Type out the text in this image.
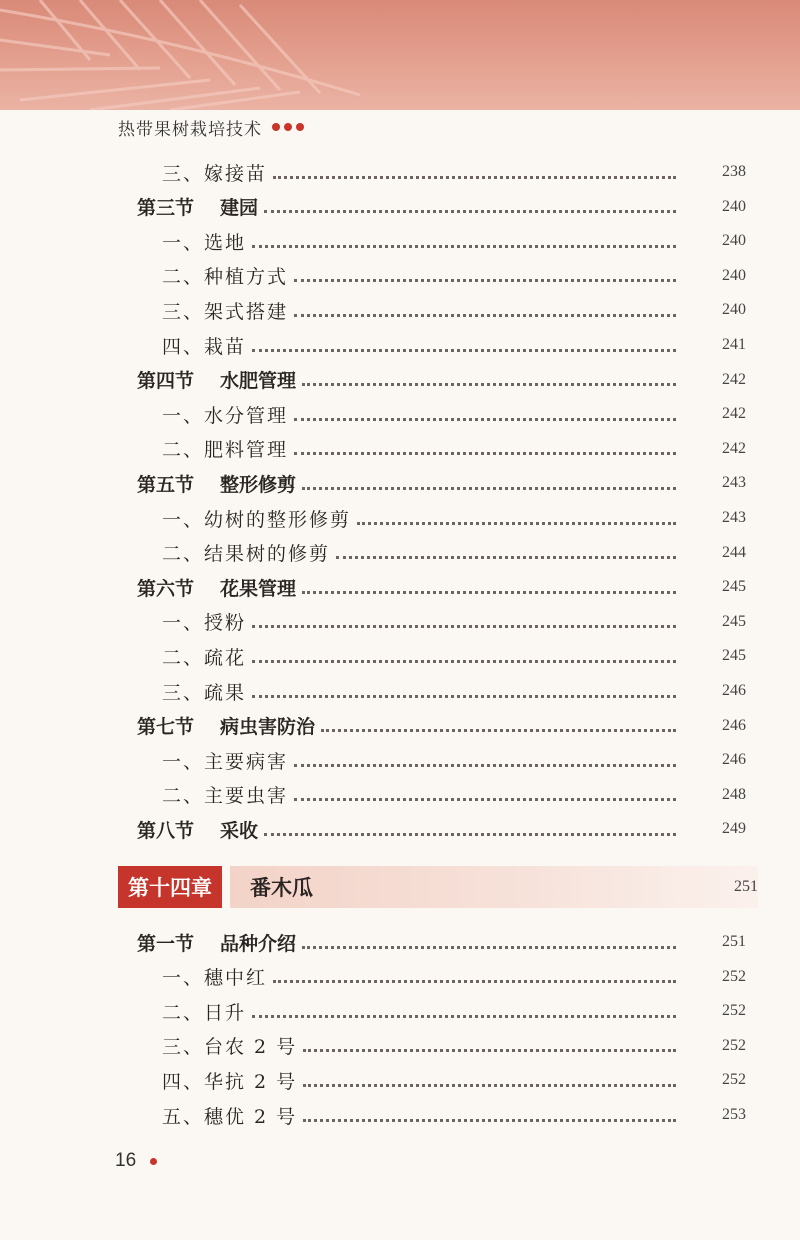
热带果树栽培技术
三、嫁接苗	238
第三节 建园	240
一、选地	240
二、种植方式	240
三、架式搭建	240
四、栽苗	241
第四节 水肥管理	242
一、水分管理	242
二、肥料管理	242
第五节 整形修剪	243
一、幼树的整形修剪	243
二、结果树的修剪	244
第六节 花果管理	245
一、授粉	245
二、疏花	245
三、疏果	246
第七节 病虫害防治	246
一、主要病害	246
二、主要虫害	248
第八节 采收	249
第十四章	番木瓜	251
第一节 品种介绍	251
一、穗中红	252
二、日升	252
三、台农 2 号	252
四、华抗 2 号	252
五、穗优 2 号	253
16
